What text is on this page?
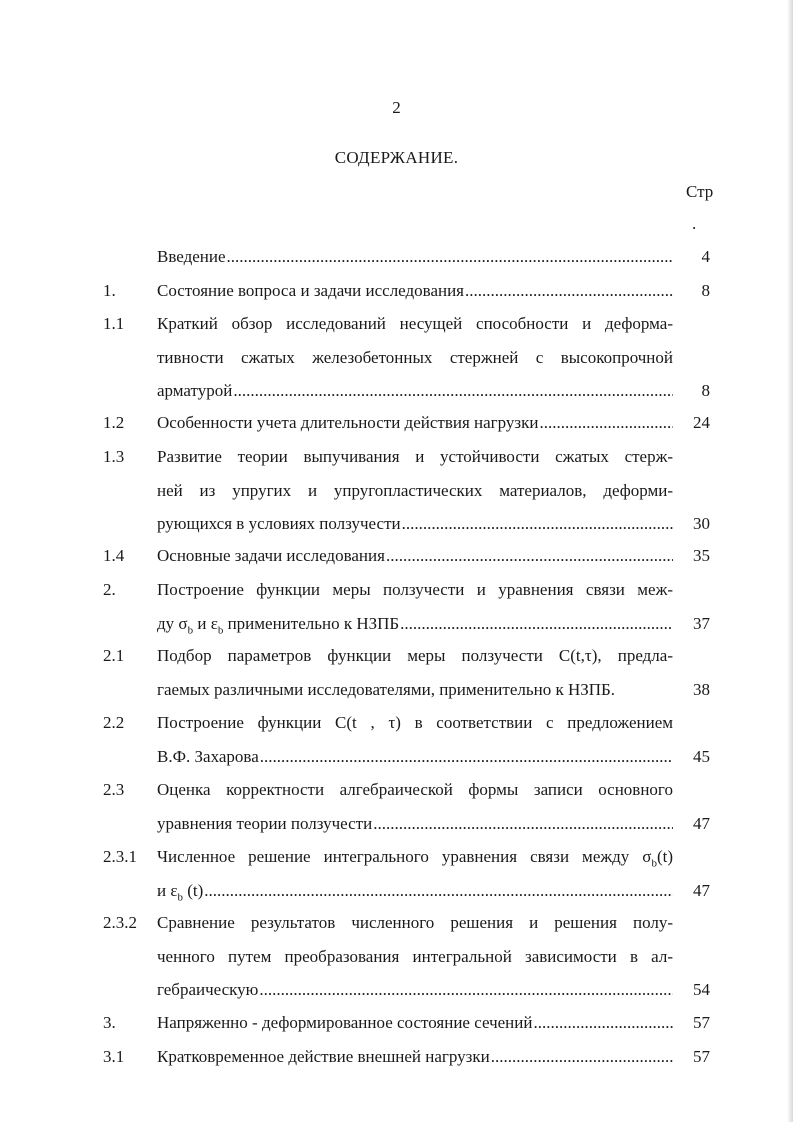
2
СОДЕРЖАНИЕ.
Стр
.
Введение .....	4
1. Состояние вопроса и задачи исследования .....	8
1.1 Краткий обзор исследований несущей способности и деформа-
тивности сжатых железобетонных стержней с высокопрочной
арматурой .....	8
1.2 Особенности учета длительности действия нагрузки .....	24
1.3 Развитие теории выпучивания и устойчивости сжатых стерж-
ней из упругих и упругопластических материалов, деформи-
рующихся в условиях ползучести .....	30
1.4 Основные задачи исследования .....	35
2. Построение функции меры ползучести и уравнения связи меж-
ду $\sigma_b$ и $\varepsilon_b$ применительно к НЗПБ .....	37
2.1 Подбор параметров функции меры ползучести C(t,τ), предла-
гаемых различными исследователями, применительно к НЗПБ.	38
2.2 Построение функции C(t , τ) в соответствии с предложением
В.Ф. Захарова .....	45
2.3 Оценка корректности алгебраической формы записи основного
уравнения теории ползучести .....	47
2.3.1 Численное решение интегрального уравнения связи между $\sigma_b(t)$
и $\varepsilon_b$ (t) .....	47
2.3.2 Сравнение результатов численного решения и решения полу-
ченного путем преобразования интегральной зависимости в ал-
гебраическую .....	54
3. Напряженно - деформированное состояние сечений .....	57
3.1 Кратковременное действие внешней нагрузки .....	57
